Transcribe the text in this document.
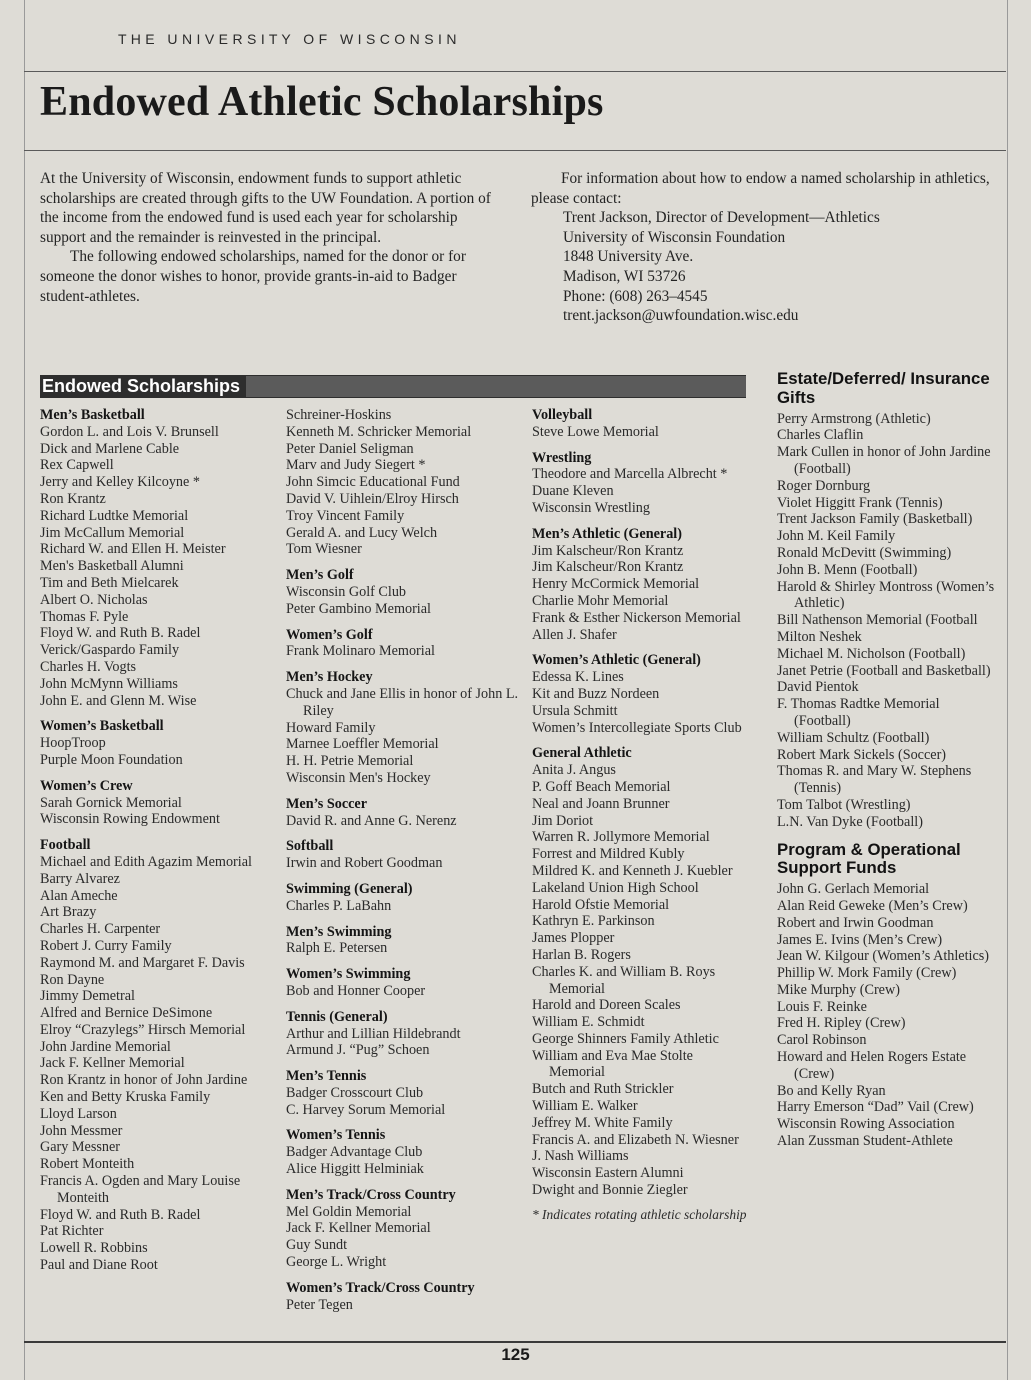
T H E   U N I V E R S I T Y   O F   W I S C O N S I N
Endowed Athletic Scholarships

At the University of Wisconsin, endowment funds to support athletic scholarships are created through gifts to the UW Foundation. A portion of the income from the endowed fund is used each year for scholarship support and the remainder is reinvested in the principal.

The following endowed scholarships, named for the donor or for someone the donor wishes to honor, provide grants-in-aid to Badger student-athletes.

For information about how to endow a named scholarship in athletics, please contact:

Trent Jackson, Director of Development—Athletics
University of Wisconsin Foundation
1848 University Ave.
Madison, WI 53726
Phone: (608) 263–4545
trent.jackson@uwfoundation.wisc.edu
Endowed Scholarships
Men’s Basketball
Gordon L. and Lois V. Brunsell
Dick and Marlene Cable
Rex Capwell
Jerry and Kelley Kilcoyne *
Ron Krantz
Richard Ludtke Memorial
Jim McCallum Memorial
Richard W. and Ellen H. Meister
Men's Basketball Alumni
Tim and Beth Mielcarek
Albert O. Nicholas
Thomas F. Pyle
Floyd W. and Ruth B. Radel
Verick/Gaspardo Family
Charles H. Vogts
John McMynn Williams
John E. and Glenn M. Wise
Women’s Basketball
HoopTroop
Purple Moon Foundation
Women’s Crew
Sarah Gornick Memorial
Wisconsin Rowing Endowment
Football
Michael and Edith Agazim Memorial
Barry Alvarez
Alan Ameche
Art Brazy
Charles H. Carpenter
Robert J. Curry Family
Raymond M. and Margaret F. Davis
Ron Dayne
Jimmy Demetral
Alfred and Bernice DeSimone
Elroy “Crazylegs” Hirsch Memorial
John Jardine Memorial
Jack F. Kellner Memorial
Ron Krantz in honor of John Jardine
Ken and Betty Kruska Family
Lloyd Larson
John Messmer
Gary Messner
Robert Monteith
Francis A. Ogden and Mary Louise Monteith
Floyd W. and Ruth B. Radel
Pat Richter
Lowell R. Robbins
Paul and Diane Root
Schreiner-Hoskins
Kenneth M. Schricker Memorial
Peter Daniel Seligman
Marv and Judy Siegert *
John Simcic Educational Fund
David V. Uihlein/Elroy Hirsch
Troy Vincent Family
Gerald A. and Lucy Welch
Tom Wiesner
Men’s Golf
Wisconsin Golf Club
Peter Gambino Memorial
Women’s Golf
Frank Molinaro Memorial
Men’s Hockey
Chuck and Jane Ellis in honor of John L. Riley
Howard Family
Marnee Loeffler Memorial
H. H. Petrie Memorial
Wisconsin Men's Hockey
Men’s Soccer
David R. and Anne G. Nerenz
Softball
Irwin and Robert Goodman
Swimming (General)
Charles P. LaBahn
Men’s Swimming
Ralph E. Petersen
Women’s Swimming
Bob and Honner Cooper
Tennis (General)
Arthur and Lillian Hildebrandt
Armund J. “Pug” Schoen
Men’s Tennis
Badger Crosscourt Club
C. Harvey Sorum Memorial
Women’s Tennis
Badger Advantage Club
Alice Higgitt Helminiak
Men’s Track/Cross Country
Mel Goldin Memorial
Jack F. Kellner Memorial
Guy Sundt
George L. Wright
Women’s Track/Cross Country
Peter Tegen
Volleyball
Steve Lowe Memorial
Wrestling
Theodore and Marcella Albrecht *
Duane Kleven
Wisconsin Wrestling
Men’s Athletic (General)
Jim Kalscheur/Ron Krantz
Jim Kalscheur/Ron Krantz
Henry McCormick Memorial
Charlie Mohr Memorial
Frank & Esther Nickerson Memorial
Allen J. Shafer
Women’s Athletic (General)
Edessa K. Lines
Kit and Buzz Nordeen
Ursula Schmitt
Women’s Intercollegiate Sports Club
General Athletic
Anita J. Angus
P. Goff Beach Memorial
Neal and Joann Brunner
Jim Doriot
Warren R. Jollymore Memorial
Forrest and Mildred Kubly
Mildred K. and Kenneth J. Kuebler
Lakeland Union High School
Harold Ofstie Memorial
Kathryn E. Parkinson
James Plopper
Harlan B. Rogers
Charles K. and William B. Roys Memorial
Harold and Doreen Scales
William E. Schmidt
George Shinners Family Athletic
William and Eva Mae Stolte Memorial
Butch and Ruth Strickler
William E. Walker
Jeffrey M. White Family
Francis A. and Elizabeth N. Wiesner
J. Nash Williams
Wisconsin Eastern Alumni
Dwight and Bonnie Ziegler
* Indicates rotating athletic scholarship
Estate/Deferred/ Insurance Gifts
Perry Armstrong (Athletic)
Charles Claflin
Mark Cullen in honor of John Jardine (Football)
Roger Dornburg
Violet Higgitt Frank (Tennis)
Trent Jackson Family (Basketball)
John M. Keil Family
Ronald McDevitt (Swimming)
John B. Menn (Football)
Harold & Shirley Montross (Women’s Athletic)
Bill Nathenson Memorial (Football
Milton Neshek
Michael M. Nicholson (Football)
Janet Petrie (Football and Basketball)
David Pientok
F. Thomas Radtke Memorial (Football)
William Schultz (Football)
Robert Mark Sickels (Soccer)
Thomas R. and Mary W. Stephens (Tennis)
Tom Talbot (Wrestling)
L.N. Van Dyke (Football)
Program & Operational Support Funds
John G. Gerlach Memorial
Alan Reid Geweke (Men’s Crew)
Robert and Irwin Goodman
James E. Ivins (Men’s Crew)
Jean W. Kilgour (Women’s Athletics)
Phillip W. Mork Family (Crew)
Mike Murphy (Crew)
Louis F. Reinke
Fred H. Ripley (Crew)
Carol Robinson
Howard and Helen Rogers Estate (Crew)
Bo and Kelly Ryan
Harry Emerson “Dad” Vail (Crew)
Wisconsin Rowing Association
Alan Zussman Student-Athlete
125
